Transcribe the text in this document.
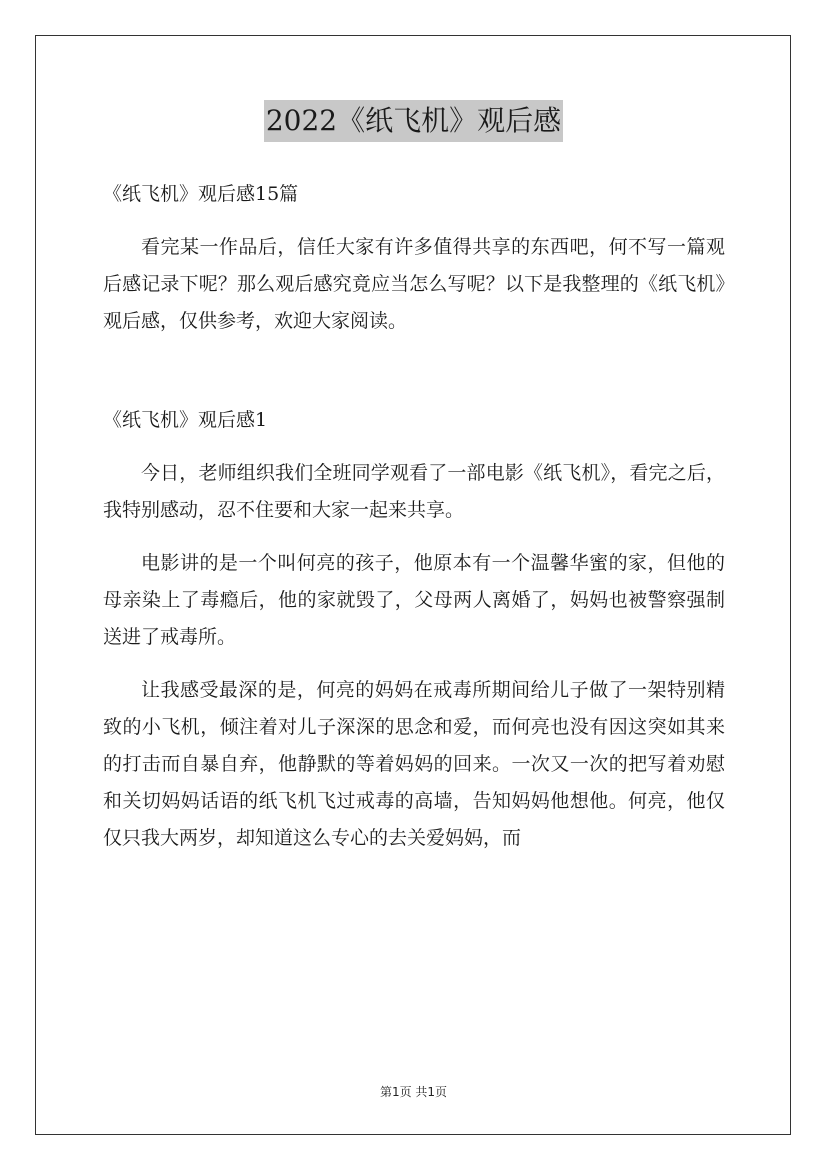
2022《纸飞机》观后感

《纸飞机》观后感15篇

看完某一作品后，信任大家有许多值得共享的东西吧，何不写一篇观后感记录下呢？那么观后感究竟应当怎么写呢？以下是我整理的《纸飞机》观后感，仅供参考，欢迎大家阅读。

《纸飞机》观后感1

今日，老师组织我们全班同学观看了一部电影《纸飞机》，看完之后，我特别感动，忍不住要和大家一起来共享。

电影讲的是一个叫何亮的孩子，他原本有一个温馨华蜜的家，但他的母亲染上了毒瘾后，他的家就毁了，父母两人离婚了，妈妈也被警察强制送进了戒毒所。

让我感受最深的是，何亮的妈妈在戒毒所期间给儿子做了一架特别精致的小飞机，倾注着对儿子深深的思念和爱，而何亮也没有因这突如其来的打击而自暴自弃，他静默的等着妈妈的回来。一次又一次的把写着劝慰和关切妈妈话语的纸飞机飞过戒毒的高墙，告知妈妈他想他。何亮，他仅仅只我大两岁，却知道这么专心的去关爱妈妈，而

第1页 共1页
